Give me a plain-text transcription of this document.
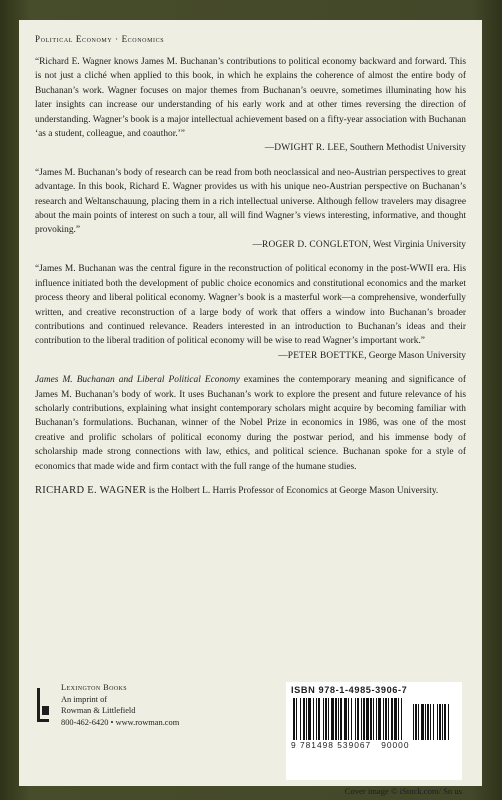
Political Economy · Economics
“Richard E. Wagner knows James M. Buchanan’s contributions to political economy backward and forward. This is not just a cliché when applied to this book, in which he explains the coherence of almost the entire body of Buchanan’s work. Wagner focuses on major themes from Buchanan’s oeuvre, sometimes illuminating how his later insights can increase our understanding of his early work and at other times reversing the direction of understanding. Wagner’s book is a major intellectual achievement based on a fifty-year association with Buchanan ‘as a student, colleague, and coauthor.’”
—DWIGHT R. LEE, Southern Methodist University
“James M. Buchanan’s body of research can be read from both neoclassical and neo-Austrian perspectives to great advantage. In this book, Richard E. Wagner provides us with his unique neo-Austrian perspective on Buchanan’s research and Weltanschauung, placing them in a rich intellectual universe. Although fellow travelers may disagree about the main points of interest on such a tour, all will find Wagner’s views interesting, informative, and thought provoking.”
—ROGER D. CONGLETON, West Virginia University
“James M. Buchanan was the central figure in the reconstruction of political economy in the post-WWII era. His influence initiated both the development of public choice economics and constitutional economics and the market process theory and liberal political economy. Wagner’s book is a masterful work—a comprehensive, wonderfully written, and creative reconstruction of a large body of work that offers a window into Buchanan’s broader contributions and continued relevance. Readers interested in an introduction to Buchanan’s ideas and their contribution to the liberal tradition of political economy will be wise to read Wagner’s important work.”
—PETER BOETTKE, George Mason University
James M. Buchanan and Liberal Political Economy examines the contemporary meaning and significance of James M. Buchanan’s body of work. It uses Buchanan’s work to explore the present and future relevance of his scholarly contributions, explaining what insight contemporary scholars might acquire by becoming familiar with Buchanan’s formulations. Buchanan, winner of the Nobel Prize in economics in 1986, was one of the most creative and prolific scholars of political economy during the postwar period, and his immense body of scholarship made strong connections with law, ethics, and political science. Buchanan spoke for a style of economics that made wide and firm contact with the full range of the humane studies.
RICHARD E. WAGNER is the Holbert L. Harris Professor of Economics at George Mason University.
Lexington Books
An imprint of
Rowman & Littlefield
800-462-6420 • www.rowman.com
ISBN 978-1-4985-3906-7
9 781498 539067 90000
Cover image © iStock.com/ Sn us
